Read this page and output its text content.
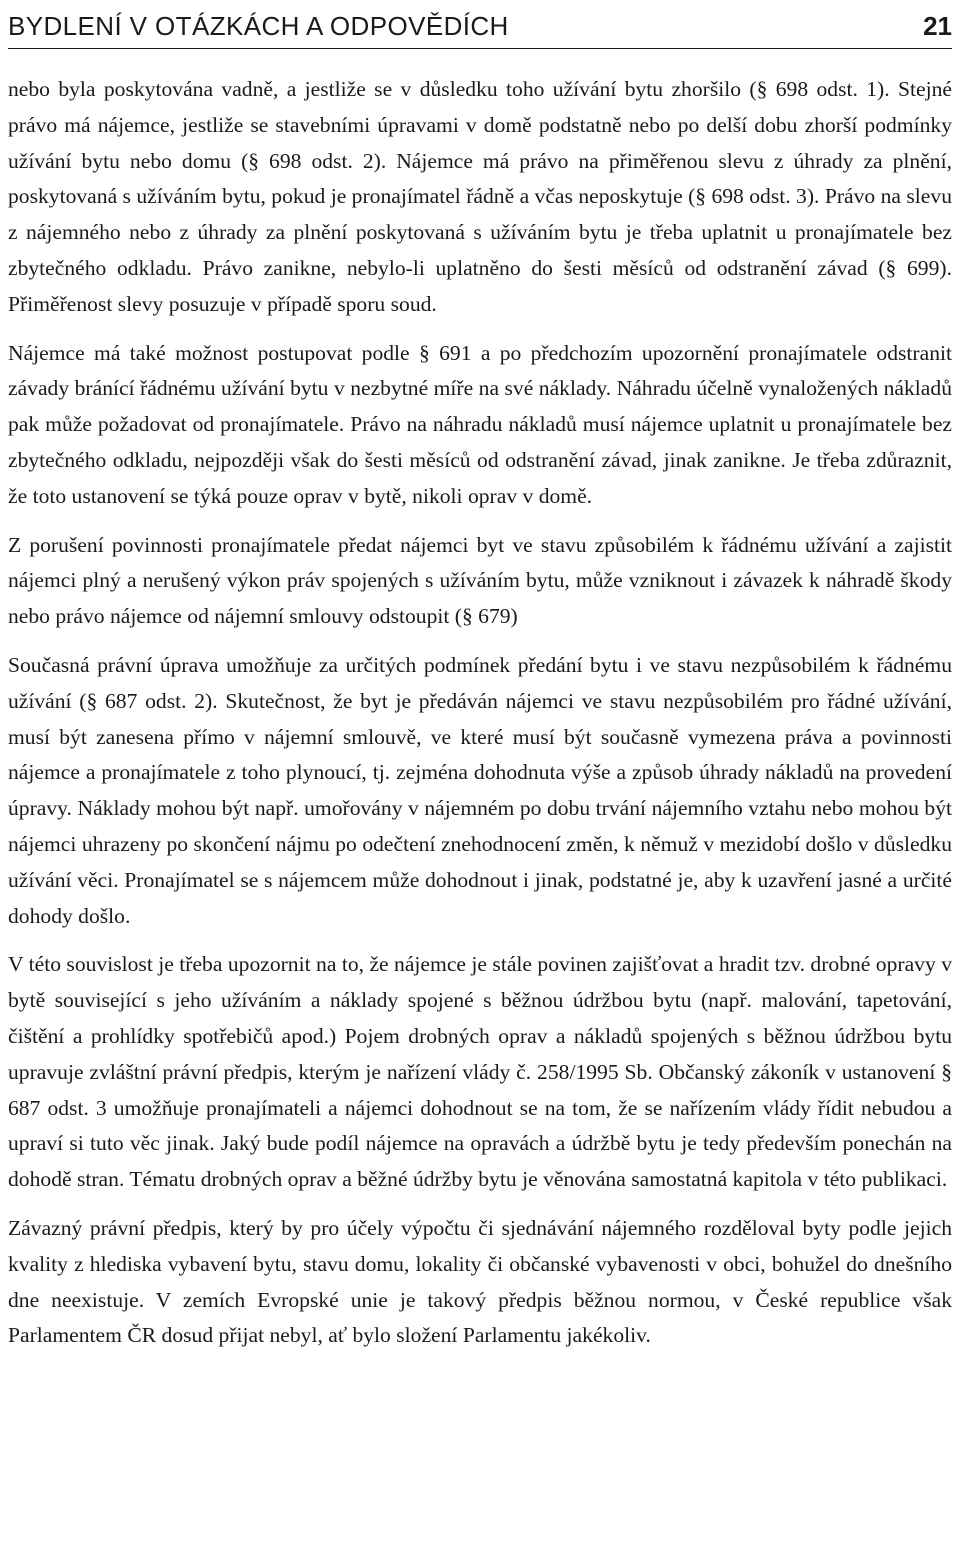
BYDLENÍ V OTÁZKÁCH A ODPOVĚDÍCH	21

nebo byla poskytována vadně, a jestliže se v důsledku toho užívání bytu zhoršilo (§ 698 odst. 1). Stejné právo má nájemce, jestliže se stavebními úpravami v domě podstatně nebo po delší dobu zhorší podmínky užívání bytu nebo domu (§ 698 odst. 2). Nájemce má právo na přiměřenou slevu z úhrady za plnění, poskytovaná s užíváním bytu, pokud je pronajímatel řádně a včas neposkytuje (§ 698 odst. 3). Právo na slevu z nájemného nebo z úhrady za plnění poskytovaná s užíváním bytu je třeba uplatnit u pronajímatele bez zbytečného odkladu. Právo zanikne, nebylo-li uplatněno do šesti měsíců od odstranění závad (§ 699). Přiměřenost slevy posuzuje v případě sporu soud.

Nájemce má také možnost postupovat podle § 691 a po předchozím upozornění pronajímatele odstranit závady bránící řádnému užívání bytu v nezbytné míře na své náklady. Náhradu účelně vynaložených nákladů pak může požadovat od pronajímatele. Právo na náhradu nákladů musí nájemce uplatnit u pronajímatele bez zbytečného odkladu, nejpozději však do šesti měsíců od odstranění závad, jinak zanikne. Je třeba zdůraznit, že toto ustanovení se týká pouze oprav v bytě, nikoli oprav v domě.

Z porušení povinnosti pronajímatele předat nájemci byt ve stavu způsobilém k řádnému užívání a zajistit nájemci plný a nerušený výkon práv spojených s užíváním bytu, může vzniknout i závazek k náhradě škody nebo právo nájemce od nájemní smlouvy odstoupit (§ 679)

Současná právní úprava umožňuje za určitých podmínek předání bytu i ve stavu nezpůsobilém k řádnému užívání (§ 687 odst. 2). Skutečnost, že byt je předáván nájemci ve stavu nezpůsobilém pro řádné užívání, musí být zanesena přímo v nájemní smlouvě, ve které musí být současně vymezena práva a povinnosti nájemce a pronajímatele z toho plynoucí, tj. zejména dohodnuta výše a způsob úhrady nákladů na provedení úpravy. Náklady mohou být např. umořovány v nájemném po dobu trvání nájemního vztahu nebo mohou být nájemci uhrazeny po skončení nájmu po odečtení znehodnocení změn, k němuž v mezidobí došlo v důsledku užívání věci. Pronajímatel se s nájemcem může dohodnout i jinak, podstatné je, aby k uzavření jasné a určité dohody došlo.

V této souvislost je třeba upozornit na to, že nájemce je stále povinen zajišťovat a hradit tzv. drobné opravy v bytě související s jeho užíváním a náklady spojené s běžnou údržbou bytu (např. malování, tapetování, čištění a prohlídky spotřebičů apod.) Pojem drobných oprav a nákladů spojených s běžnou údržbou bytu upravuje zvláštní právní předpis, kterým je nařízení vlády č. 258/1995 Sb. Občanský zákoník v ustanovení § 687 odst. 3 umožňuje pronajímateli a nájemci dohodnout se na tom, že se nařízením vlády řídit nebudou a upraví si tuto věc jinak. Jaký bude podíl nájemce na opravách a údržbě bytu je tedy především ponechán na dohodě stran. Tématu drobných oprav a běžné údržby bytu je věnována samostatná kapitola v této publikaci.

Závazný právní předpis, který by pro účely výpočtu či sjednávání nájemného rozděloval byty podle jejich kvality z hlediska vybavení bytu, stavu domu, lokality či občanské vybavenosti v obci, bohužel do dnešního dne neexistuje. V zemích Evropské unie je takový předpis běžnou normou, v České republice však Parlamentem ČR dosud přijat nebyl, ať bylo složení Parlamentu jakékoliv.
